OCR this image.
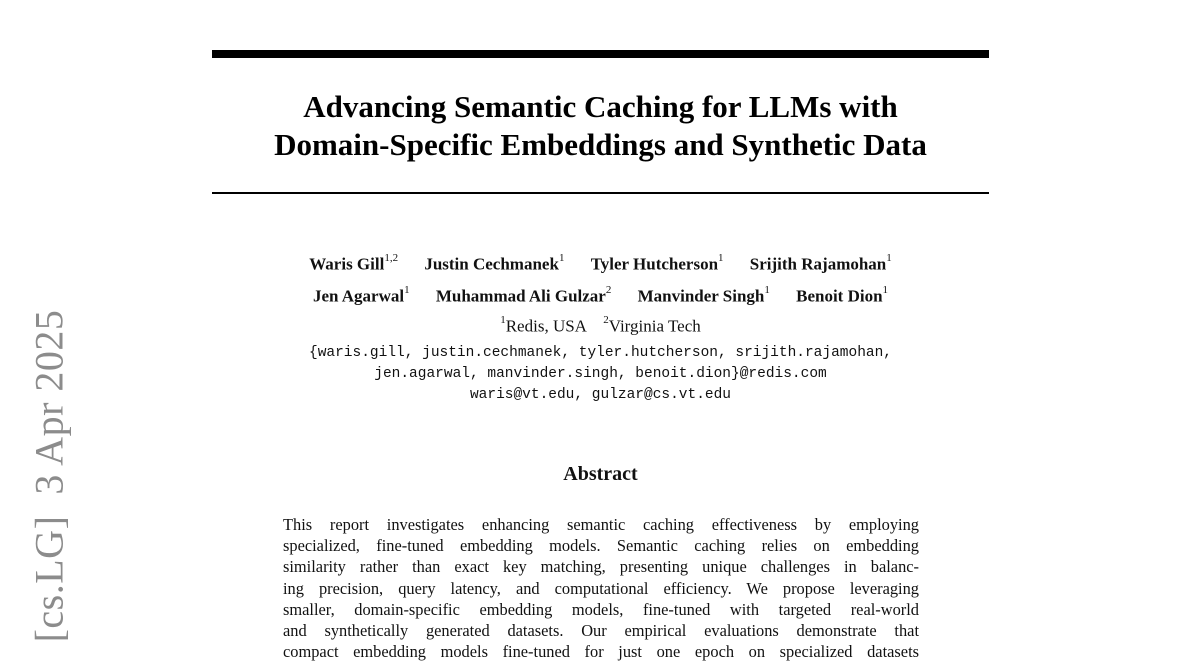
Advancing Semantic Caching for LLMs with
Domain-Specific Embeddings and Synthetic Data
Waris Gill$^{1,2}$ Justin Cechmanek$^1$ Tyler Hutcherson$^1$ Srijith Rajamohan$^1$
Jen Agarwal$^1$ Muhammad Ali Gulzar$^2$ Manvinder Singh$^1$ Benoit Dion$^1$
$^1$Redis, USA $^2$Virginia Tech
{waris.gill, justin.cechmanek, tyler.hutcherson, srijith.rajamohan,
jen.agarwal, manvinder.singh, benoit.dion}@redis.com
waris@vt.edu, gulzar@cs.vt.edu
Abstract
This report investigates enhancing semantic caching effectiveness by employing
specialized, fine-tuned embedding models. Semantic caching relies on embedding
similarity rather than exact key matching, presenting unique challenges in balanc-
ing precision, query latency, and computational efficiency. We propose leveraging
smaller, domain-specific embedding models, fine-tuned with targeted real-world
and synthetically generated datasets. Our empirical evaluations demonstrate that
compact embedding models fine-tuned for just one epoch on specialized datasets
[cs.LG]  3 Apr 2025
